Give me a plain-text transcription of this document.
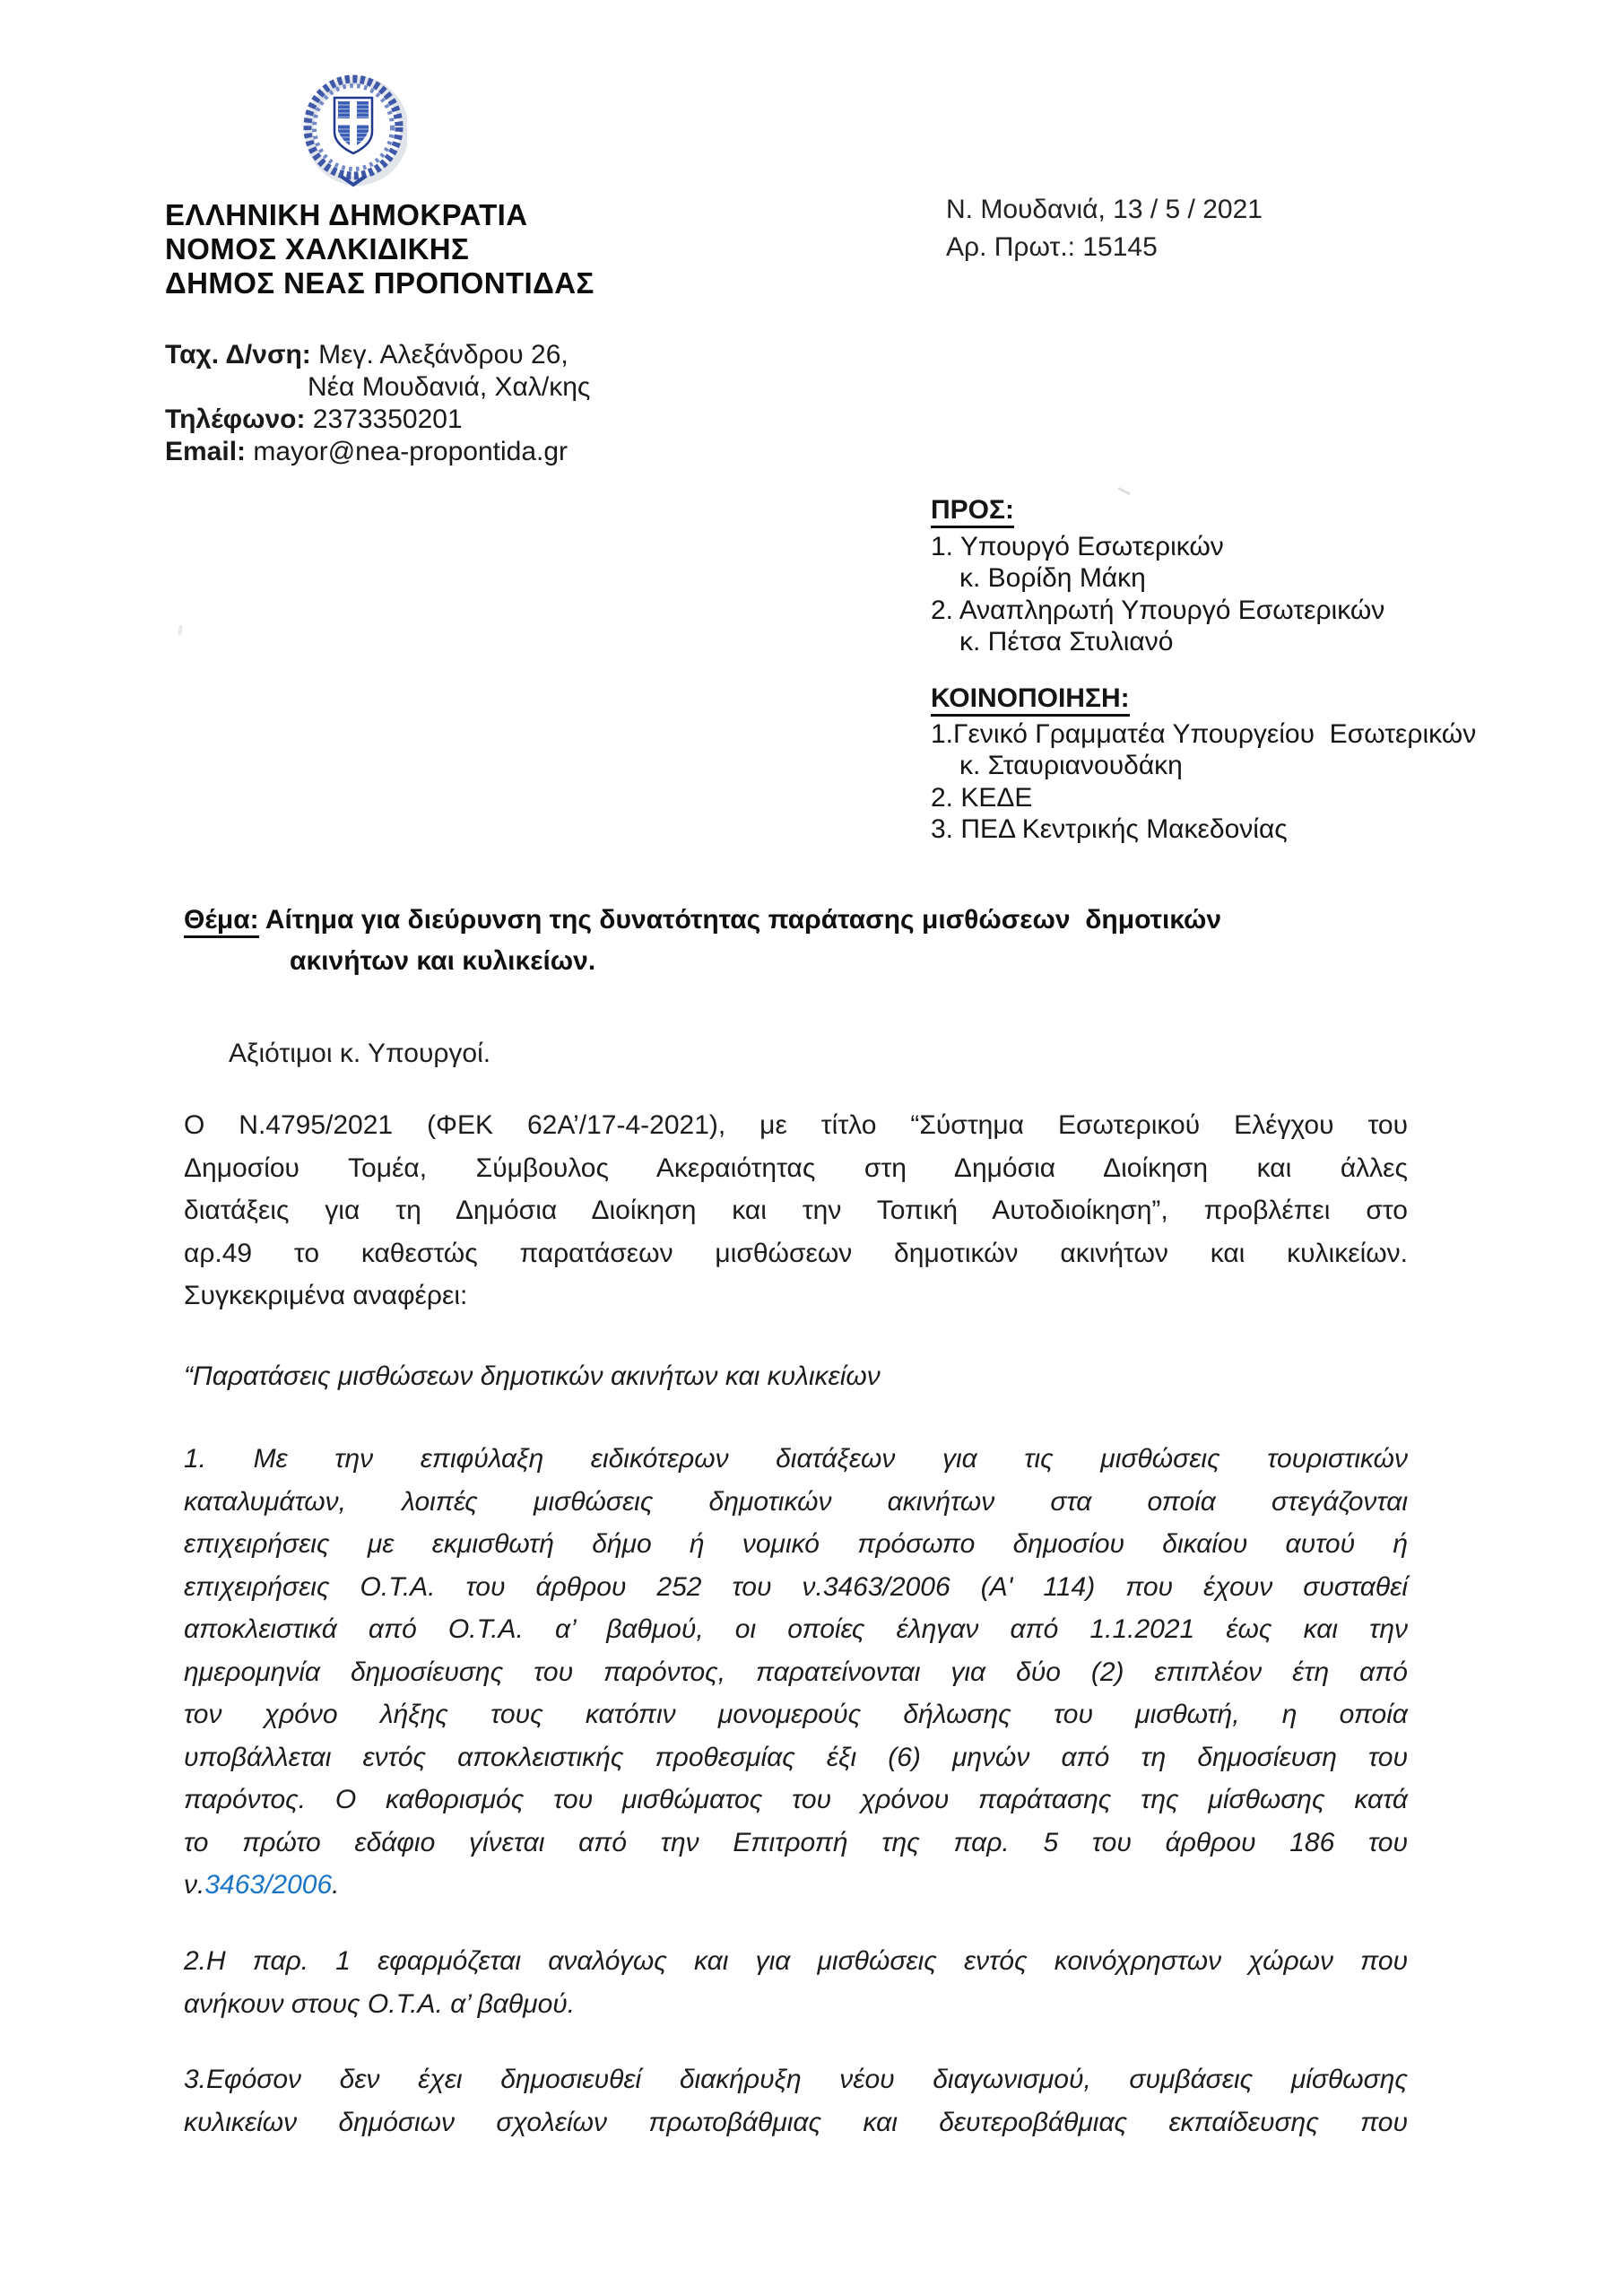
ΕΛΛΗΝΙΚΗ ΔΗΜΟΚΡΑΤΙΑ
ΝΟΜΟΣ ΧΑΛΚΙΔΙΚΗΣ
ΔΗΜΟΣ ΝΕΑΣ ΠΡΟΠΟΝΤΙΔΑΣ
Ν. Μουδανιά, 13 / 5 / 2021
Αρ. Πρωτ.: 15145
Ταχ. Δ/νση: Μεγ. Αλεξάνδρου 26,
Νέα Μουδανιά, Χαλ/κης
Τηλέφωνο: 2373350201
Email: mayor@nea-propontida.gr
ΠΡΟΣ:
1. Υπουργό Εσωτερικών
κ. Βορίδη Μάκη
2. Αναπληρωτή Υπουργό Εσωτερικών
κ. Πέτσα Στυλιανό
ΚΟΙΝΟΠΟΙΗΣΗ:
1.Γενικό Γραμματέα Υπουργείου  Εσωτερικών
κ. Σταυριανουδάκη
2. ΚΕΔΕ
3. ΠΕΔ Κεντρικής Μακεδονίας
Θέμα: Αίτημα για διεύρυνση της δυνατότητας παράτασης μισθώσεων  δημοτικών
ακινήτων και κυλικείων.
Αξιότιμοι κ. Υπουργοί.
Ο Ν.4795/2021 (ΦΕΚ 62Α’/17-4-2021), με τίτλο “Σύστημα Εσωτερικού Ελέγχου του
Δημοσίου Τομέα, Σύμβουλος Ακεραιότητας στη Δημόσια Διοίκηση και άλλες
διατάξεις για τη Δημόσια Διοίκηση και την Τοπική Αυτοδιοίκηση”, προβλέπει στο
αρ.49 το καθεστώς παρατάσεων μισθώσεων δημοτικών ακινήτων και κυλικείων.
Συγκεκριμένα αναφέρει:
“Παρατάσεις μισθώσεων δημοτικών ακινήτων και κυλικείων
1. Με την επιφύλαξη ειδικότερων διατάξεων για τις μισθώσεις τουριστικών
καταλυμάτων, λοιπές μισθώσεις δημοτικών ακινήτων στα οποία στεγάζονται
επιχειρήσεις με εκμισθωτή δήμο ή νομικό πρόσωπο δημοσίου δικαίου αυτού ή
επιχειρήσεις Ο.Τ.Α. του άρθρου 252 του ν.3463/2006 (Α' 114) που έχουν συσταθεί
αποκλειστικά από Ο.Τ.Α. α’ βαθμού, οι οποίες έληγαν από 1.1.2021 έως και την
ημερομηνία δημοσίευσης του παρόντος, παρατείνονται για δύο (2) επιπλέον έτη από
τον χρόνο λήξης τους κατόπιν μονομερούς δήλωσης του μισθωτή, η οποία
υποβάλλεται εντός αποκλειστικής προθεσμίας έξι (6) μηνών από τη δημοσίευση του
παρόντος. Ο καθορισμός του μισθώματος του χρόνου παράτασης της μίσθωσης κατά
το πρώτο εδάφιο γίνεται από την Επιτροπή της παρ. 5 του άρθρου 186 του
ν.3463/2006.
2.Η παρ. 1 εφαρμόζεται αναλόγως και για μισθώσεις εντός κοινόχρηστων χώρων που
ανήκουν στους Ο.Τ.Α. α’ βαθμού.
3.Εφόσον δεν έχει δημοσιευθεί διακήρυξη νέου διαγωνισμού, συμβάσεις μίσθωσης
κυλικείων δημόσιων σχολείων πρωτοβάθμιας και δευτεροβάθμιας εκπαίδευσης που
